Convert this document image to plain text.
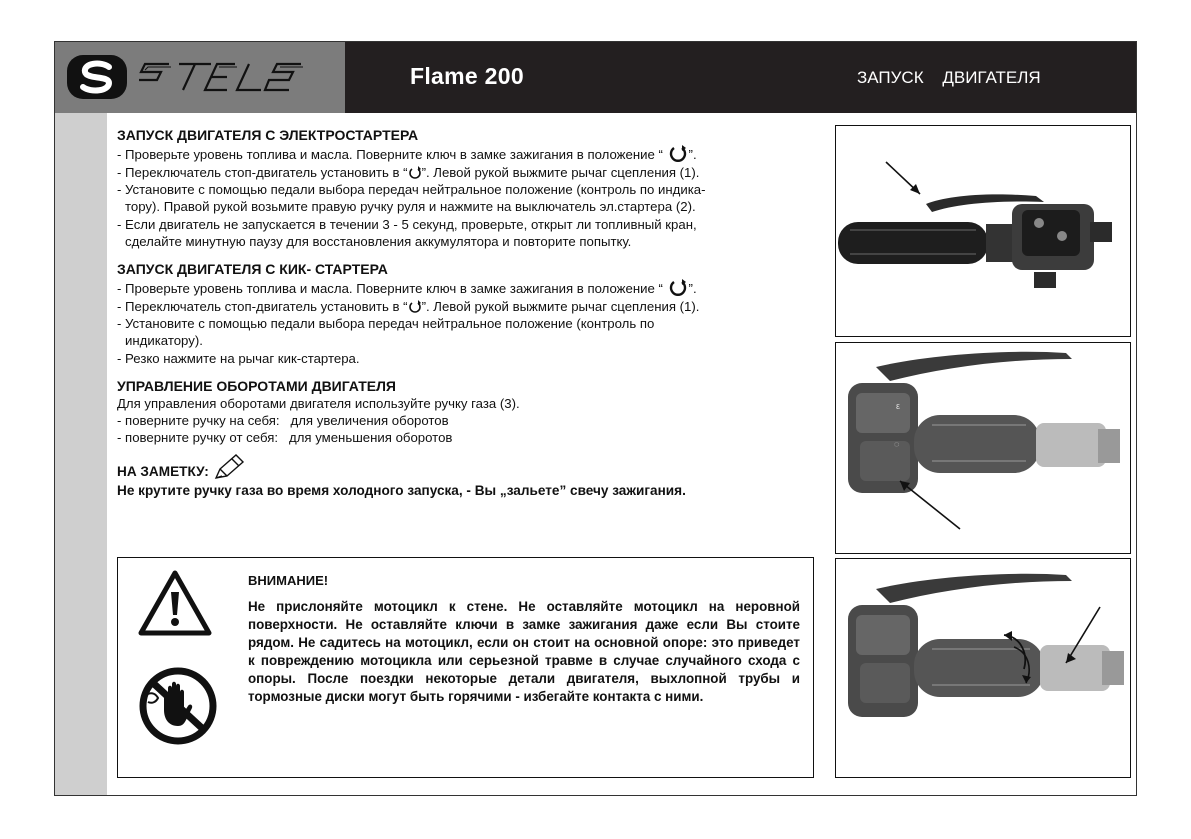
Flame 200	ЗАПУСК ДВИГАТЕЛЯ
ЗАПУСК ДВИГАТЕЛЯ С ЭЛЕКТРОСТАРТЕРА
- Проверьте уровень топлива и масла. Поверните ключ в замке зажигания в положение “ ”.
- Переключатель стоп-двигатель установить в “ ”. Левой рукой выжмите рычаг сцепления (1).
- Установите с помощью педали выбора передач нейтральное положение (контроль по индика-
тору). Правой рукой возьмите правую ручку руля и нажмите на выключатель эл.стартера (2).
- Если двигатель не запускается в течении 3 - 5 секунд, проверьте, открыт ли топливный кран,
сделайте минутную паузу для восстановления аккумулятора и повторите попытку.
ЗАПУСК ДВИГАТЕЛЯ С КИК- СТАРТЕРА
- Проверьте уровень топлива и масла. Поверните ключ в замке зажигания в положение “ ”.
- Переключатель стоп-двигатель установить в “ ”. Левой рукой выжмите рычаг сцепления (1).
- Установите с помощью педали выбора передач нейтральное положение (контроль по
индикатору).
- Резко нажмите на рычаг кик-стартера.
УПРАВЛЕНИЕ ОБОРОТАМИ ДВИГАТЕЛЯ
Для управления оборотами двигателя используйте ручку газа (3).
- поверните ручку на себя:   для увеличения оборотов
- поверните ручку от себя:   для уменьшения оборотов
НА ЗАМЕТКУ:
Не крутите ручку газа во время холодного запуска, - Вы „зальете” свечу зажигания.
ВНИМАНИЕ!
Не прислоняйте мотоцикл к стене. Не оставляйте мотоцикл на неровной поверхности. Не оставляйте ключи в замке зажигания даже если Вы стоите рядом. Не садитесь на мотоцикл, если он стоит на основной опоре: это приведет к повреждению мотоцикла или серьезной травме в случае случайного схода с опоры. После поездки некоторые детали двигателя, выхлопной трубы и тормозные диски могут быть горячими - избегайте контакта с ними.
ε
◌
